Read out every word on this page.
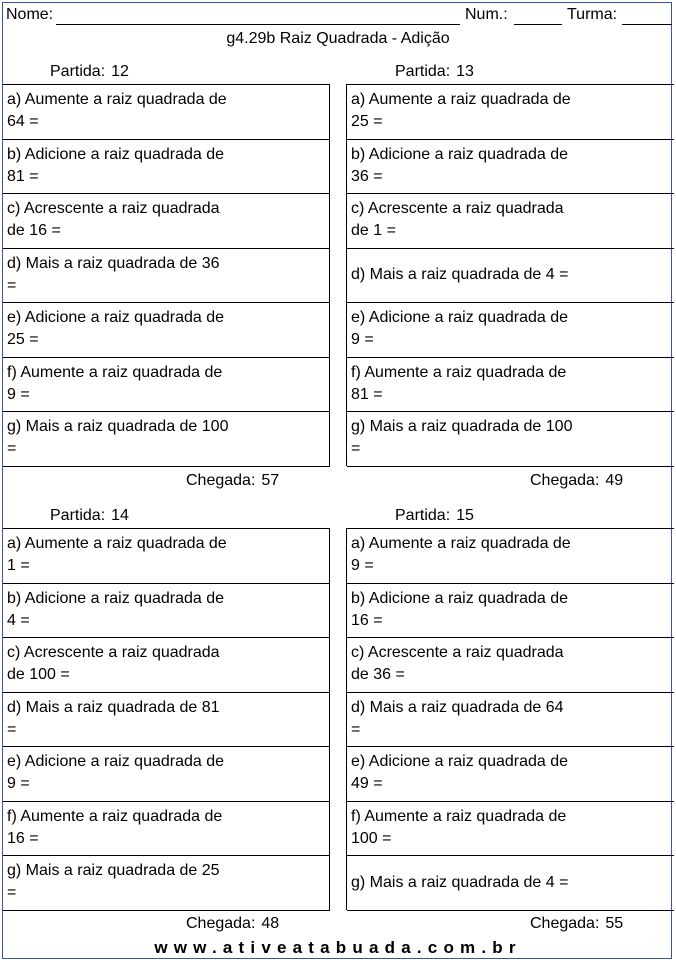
Nome:	Num.:	Turma:
g4.29b Raiz Quadrada - Adição
Partida: 12
a) Aumente a raiz quadrada de
64 =
b) Adicione a raiz quadrada de
81 =
c) Acrescente a raiz quadrada
de 16 =
d) Mais a raiz quadrada de 36
=
e) Adicione a raiz quadrada de
25 =
f) Aumente a raiz quadrada de
9 =
g) Mais a raiz quadrada de 100
=
Partida: 13
a) Aumente a raiz quadrada de
25 =
b) Adicione a raiz quadrada de
36 =
c) Acrescente a raiz quadrada
de 1 =
d) Mais a raiz quadrada de 4 =
e) Adicione a raiz quadrada de
9 =
f) Aumente a raiz quadrada de
81 =
g) Mais a raiz quadrada de 100
=
Partida: 14
a) Aumente a raiz quadrada de
1 =
b) Adicione a raiz quadrada de
4 =
c) Acrescente a raiz quadrada
de 100 =
d) Mais a raiz quadrada de 81
=
e) Adicione a raiz quadrada de
9 =
f) Aumente a raiz quadrada de
16 =
g) Mais a raiz quadrada de 25
=
Partida: 15
a) Aumente a raiz quadrada de
9 =
b) Adicione a raiz quadrada de
16 =
c) Acrescente a raiz quadrada
de 36 =
d) Mais a raiz quadrada de 64
=
e) Adicione a raiz quadrada de
49 =
f) Aumente a raiz quadrada de
100 =
g) Mais a raiz quadrada de 4 =
Chegada: 57	Chegada: 49
Chegada: 48	Chegada: 55
www.ativeatabuada.com.br
